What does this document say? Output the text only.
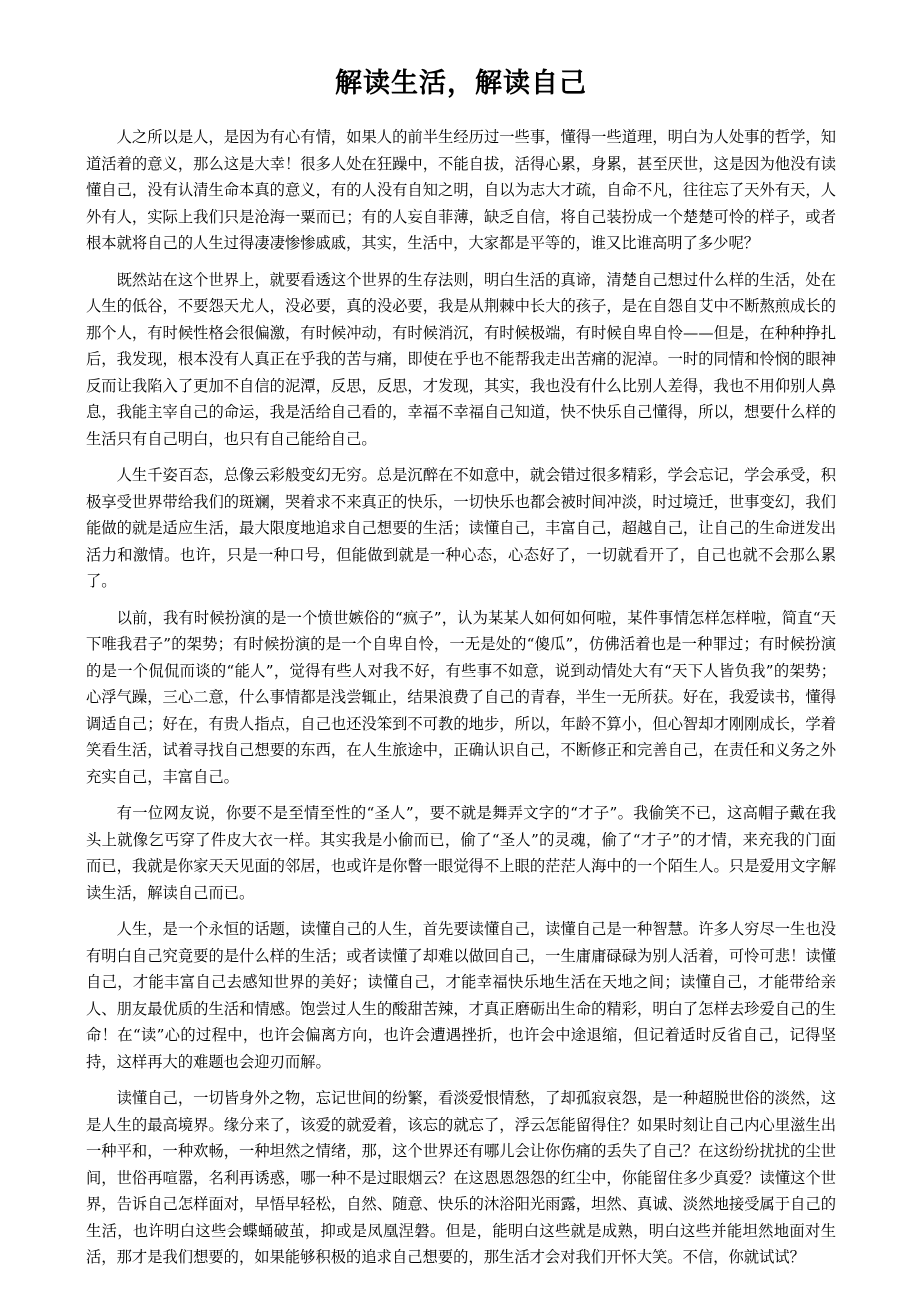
解读生活，解读自己

人之所以是人，是因为有心有情，如果人的前半生经历过一些事，懂得一些道理，明白为人处事的哲学，知道活着的意义，那么这是大幸！很多人处在狂躁中，不能自拔，活得心累，身累，甚至厌世，这是因为他没有读懂自己，没有认清生命本真的意义，有的人没有自知之明，自以为志大才疏，自命不凡，往往忘了天外有天，人外有人，实际上我们只是沧海一粟而已；有的人妄自菲薄，缺乏自信，将自己装扮成一个楚楚可怜的样子，或者根本就将自己的人生过得凄凄惨惨戚戚，其实，生活中，大家都是平等的，谁又比谁高明了多少呢？

既然站在这个世界上，就要看透这个世界的生存法则，明白生活的真谛，清楚自己想过什么样的生活，处在人生的低谷，不要怨天尤人，没必要，真的没必要，我是从荆棘中长大的孩子，是在自怨自艾中不断熬煎成长的那个人，有时候性格会很偏激，有时候冲动，有时候消沉，有时候极端，有时候自卑自怜——但是，在种种挣扎后，我发现，根本没有人真正在乎我的苦与痛，即使在乎也不能帮我走出苦痛的泥淖。一时的同情和怜悯的眼神反而让我陷入了更加不自信的泥潭，反思，反思，才发现，其实，我也没有什么比别人差得，我也不用仰别人鼻息，我能主宰自己的命运，我是活给自己看的，幸福不幸福自己知道，快不快乐自己懂得，所以，想要什么样的生活只有自己明白，也只有自己能给自己。

人生千姿百态，总像云彩般变幻无穷。总是沉醉在不如意中，就会错过很多精彩，学会忘记，学会承受，积极享受世界带给我们的斑斓，哭着求不来真正的快乐，一切快乐也都会被时间冲淡，时过境迁，世事变幻，我们能做的就是适应生活，最大限度地追求自己想要的生活；读懂自己，丰富自己，超越自己，让自己的生命迸发出活力和激情。也许，只是一种口号，但能做到就是一种心态，心态好了，一切就看开了，自己也就不会那么累了。

以前，我有时候扮演的是一个愤世嫉俗的“疯子”，认为某某人如何如何啦，某件事情怎样怎样啦，简直“天下唯我君子”的架势；有时候扮演的是一个自卑自怜，一无是处的“傻瓜”，仿佛活着也是一种罪过；有时候扮演的是一个侃侃而谈的“能人”，觉得有些人对我不好，有些事不如意，说到动情处大有“天下人皆负我”的架势；心浮气躁，三心二意，什么事情都是浅尝辄止，结果浪费了自己的青春，半生一无所获。好在，我爱读书，懂得调适自己；好在，有贵人指点，自己也还没笨到不可教的地步，所以，年龄不算小，但心智却才刚刚成长，学着笑看生活，试着寻找自己想要的东西，在人生旅途中，正确认识自己，不断修正和完善自己，在责任和义务之外充实自己，丰富自己。

有一位网友说，你要不是至情至性的“圣人”，要不就是舞弄文字的“才子”。我偷笑不已，这高帽子戴在我头上就像乞丐穿了件皮大衣一样。其实我是小偷而已，偷了“圣人”的灵魂，偷了“才子”的才情，来充我的门面而已，我就是你家天天见面的邻居，也或许是你瞥一眼觉得不上眼的茫茫人海中的一个陌生人。只是爱用文字解读生活，解读自己而已。

人生，是一个永恒的话题，读懂自己的人生，首先要读懂自己，读懂自己是一种智慧。许多人穷尽一生也没有明白自己究竟要的是什么样的生活；或者读懂了却难以做回自己，一生庸庸碌碌为别人活着，可怜可悲！读懂自己，才能丰富自己去感知世界的美好；读懂自己，才能幸福快乐地生活在天地之间；读懂自己，才能带给亲人、朋友最优质的生活和情感。饱尝过人生的酸甜苦辣，才真正磨砺出生命的精彩，明白了怎样去珍爱自己的生命！在“读”心的过程中，也许会偏离方向，也许会遭遇挫折，也许会中途退缩，但记着适时反省自己，记得坚持，这样再大的难题也会迎刃而解。

读懂自己，一切皆身外之物，忘记世间的纷繁，看淡爱恨情愁，了却孤寂哀怨，是一种超脱世俗的淡然，这是人生的最高境界。缘分来了，该爱的就爱着，该忘的就忘了，浮云怎能留得住？如果时刻让自己内心里滋生出一种平和，一种欢畅，一种坦然之情绪，那，这个世界还有哪儿会让你伤痛的丢失了自己？在这纷纷扰扰的尘世间，世俗再喧嚣，名利再诱惑，哪一种不是过眼烟云？在这恩恩怨怨的红尘中，你能留住多少真爱？读懂这个世界，告诉自己怎样面对，早悟早轻松，自然、随意、快乐的沐浴阳光雨露，坦然、真诚、淡然地接受属于自己的生活，也许明白这些会蝶蛹破茧，抑或是凤凰涅磐。但是，能明白这些就是成熟，明白这些并能坦然地面对生活，那才是我们想要的，如果能够积极的追求自己想要的，那生活才会对我们开怀大笑。不信，你就试试？
